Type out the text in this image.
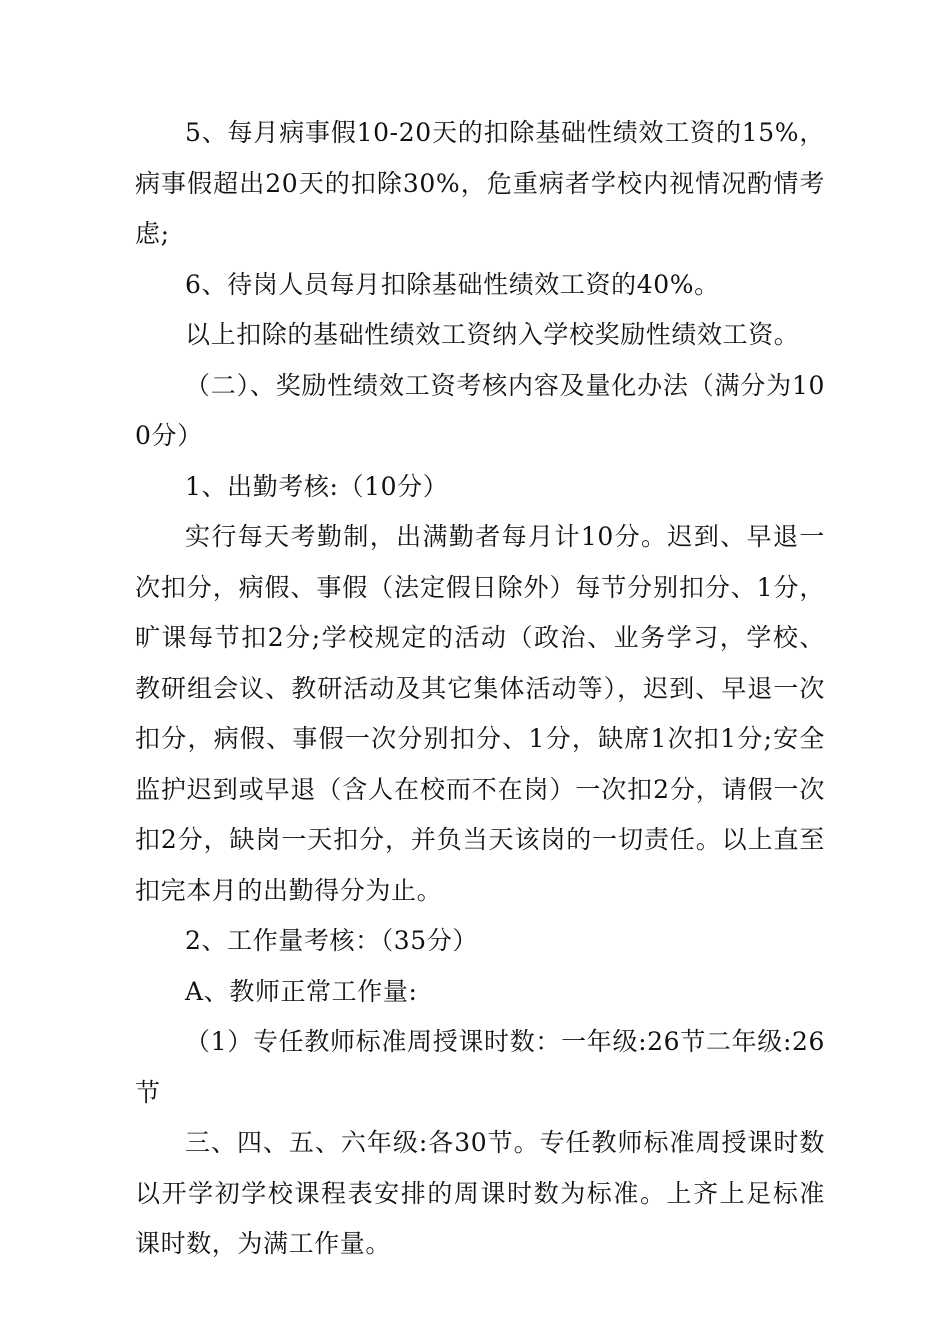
5、每月病事假10-20天的扣除基础性绩效工资的15%，病事假超出20天的扣除30%，危重病者学校内视情况酌情考虑;

6、待岗人员每月扣除基础性绩效工资的40%。

以上扣除的基础性绩效工资纳入学校奖励性绩效工资。

（二）、奖励性绩效工资考核内容及量化办法（满分为100分）

1、出勤考核:（10分）

实行每天考勤制，出满勤者每月计10分。迟到、早退一次扣分，病假、事假（法定假日除外）每节分别扣分、1分，旷课每节扣2分;学校规定的活动（政治、业务学习，学校、教研组会议、教研活动及其它集体活动等），迟到、早退一次扣分，病假、事假一次分别扣分、1分，缺席1次扣1分;安全监护迟到或早退（含人在校而不在岗）一次扣2分，请假一次扣2分，缺岗一天扣分，并负当天该岗的一切责任。以上直至扣完本月的出勤得分为止。

2、工作量考核：（35分）

A、教师正常工作量:

（1）专任教师标准周授课时数：一年级:26节二年级:26节

三、四、五、六年级:各30节。专任教师标准周授课时数以开学初学校课程表安排的周课时数为标准。上齐上足标准课时数，为满工作量。
